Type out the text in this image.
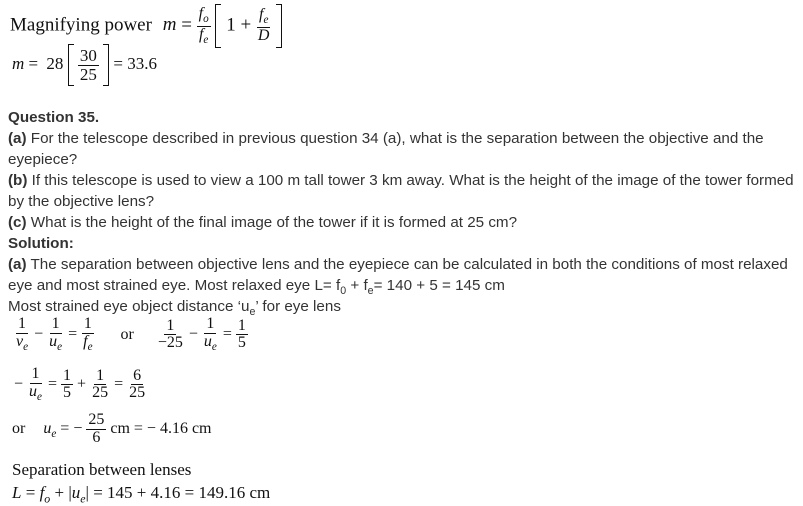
Magnifying power $m = \frac{f_o}{f_e} 1 + \frac{f_e}{D}$

$m = 28 \frac{30}{25} = 33.6$
Question 35.
(a) For the telescope described in previous question 34 (a), what is the separation between the objective and the
eyepiece?
(b) If this telescope is used to view a 100 m tall tower 3 km away. What is the height of the image of the tower formed
by the objective lens?
(c) What is the height of the final image of the tower if it is formed at 25 cm?
Solution:
(a) The separation between objective lens and the eyepiece can be calculated in both the conditions of most relaxed
eye and most strained eye. Most relaxed eye $L= f_0 + f_e= 140 + 5 = 145$ cm
Most strained eye object distance ‘$u_e$’ for eye lens
$\frac{1}{v_e} - \frac{1}{u_e} = \frac{1}{f_e}$ or $\frac{1}{-25} - \frac{1}{u_e} = \frac{1}{5}$
− $\frac{1}{u_e} = \frac{1}{5} + \frac{1}{25} = \frac{6}{25}$
or $u_e$ = − $\frac{25}{6}$ cm = − 4.16 cm
Separation between lenses
$L = f_o + |u_e| = 145 + 4.16 = 149.16$ cm
